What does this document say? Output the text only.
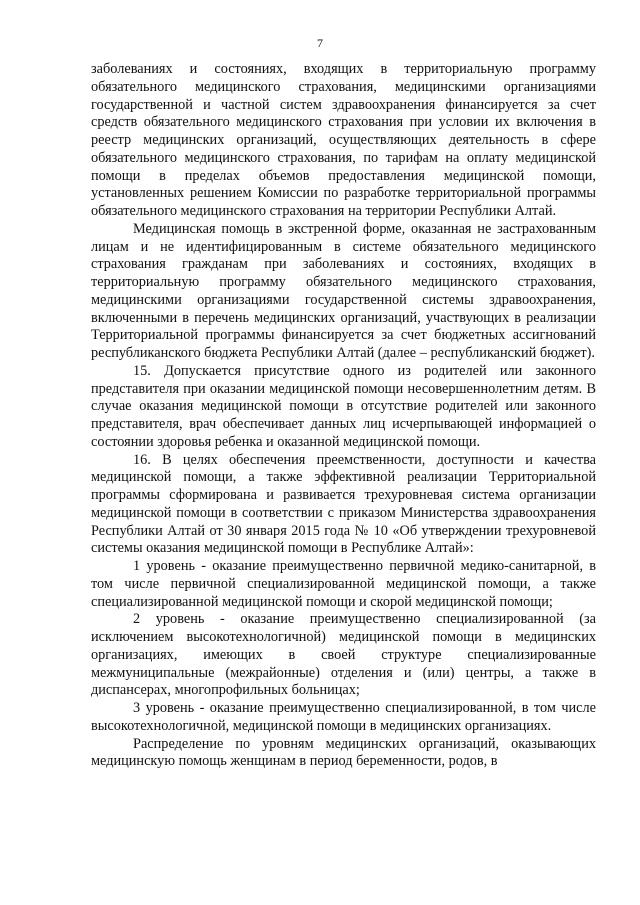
7

заболеваниях и состояниях, входящих в территориальную программу обязательного медицинского страхования, медицинскими организациями государственной и частной систем здравоохранения финансируется за счет средств обязательного медицинского страхования при условии их включения в реестр медицинских организаций, осуществляющих деятельность в сфере обязательного медицинского страхования, по тарифам на оплату медицинской помощи в пределах объемов предоставления медицинской помощи, установленных решением Комиссии по разработке территориальной программы обязательного медицинского страхования на территории Республики Алтай.

Медицинская помощь в экстренной форме, оказанная не застрахованным лицам и не идентифицированным в системе обязательного медицинского страхования гражданам при заболеваниях и состояниях, входящих в территориальную программу обязательного медицинского страхования, медицинскими организациями государственной системы здравоохранения, включенными в перечень медицинских организаций, участвующих в реализации Территориальной программы финансируется за счет бюджетных ассигнований республиканского бюджета Республики Алтай (далее – республиканский бюджет).

15. Допускается присутствие одного из родителей или законного представителя при оказании медицинской помощи несовершеннолетним детям. В случае оказания медицинской помощи в отсутствие родителей или законного представителя, врач обеспечивает данных лиц исчерпывающей информацией о состоянии здоровья ребенка и оказанной медицинской помощи.

16. В целях обеспечения преемственности, доступности и качества медицинской помощи, а также эффективной реализации Территориальной программы сформирована и развивается трехуровневая система организации медицинской помощи в соответствии с приказом Министерства здравоохранения Республики Алтай от 30 января 2015 года № 10 «Об утверждении трехуровневой системы оказания медицинской помощи в Республике Алтай»:

1 уровень - оказание преимущественно первичной медико-санитарной, в том числе первичной специализированной медицинской помощи, а также специализированной медицинской помощи и скорой медицинской помощи;

2 уровень - оказание преимущественно специализированной (за исключением высокотехнологичной) медицинской помощи в медицинских организациях, имеющих в своей структуре специализированные межмуниципальные (межрайонные) отделения и (или) центры, а также в диспансерах, многопрофильных больницах;

3 уровень - оказание преимущественно специализированной, в том числе высокотехнологичной, медицинской помощи в медицинских организациях.

Распределение по уровням медицинских организаций, оказывающих медицинскую помощь женщинам в период беременности, родов, в
